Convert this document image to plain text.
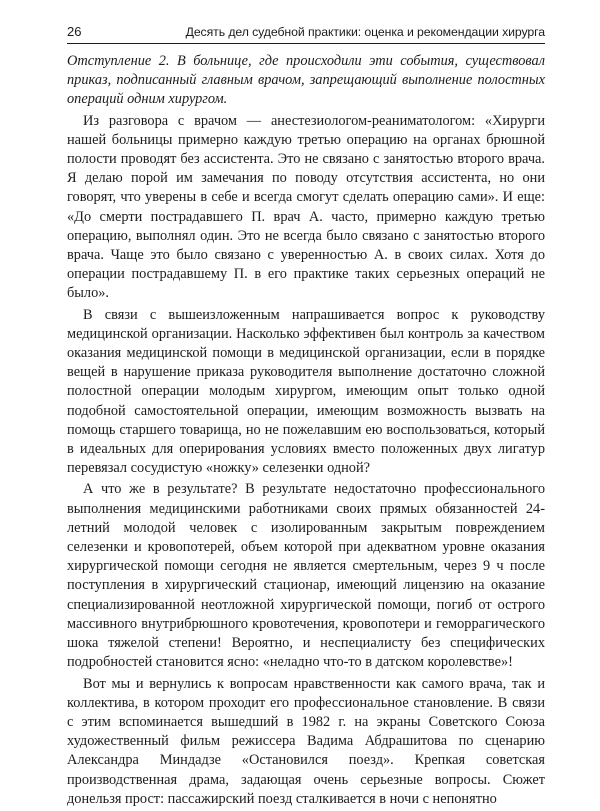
26	Десять дел судебной практики: оценка и рекомендации хирурга

Отступление 2. В больнице, где происходили эти события, существовал приказ, подписанный главным врачом, запрещающий выполнение полостных операций одним хирургом.

Из разговора с врачом — анестезиологом-реаниматологом: «Хирурги нашей больницы примерно каждую третью операцию на органах брюшной полости проводят без ассистента. Это не связано с занятостью второго врача. Я делаю порой им замечания по поводу отсутствия ассистента, но они говорят, что уверены в себе и всегда смогут сделать операцию сами». И еще: «До смерти пострадавшего П. врач А. часто, примерно каждую третью операцию, выполнял один. Это не всегда было связано с занятостью второго врача. Чаще это было связано с уверенностью А. в своих силах. Хотя до операции пострадавшему П. в его практике таких серьезных операций не было».

В связи с вышеизложенным напрашивается вопрос к руководству медицинской организации. Насколько эффективен был контроль за качеством оказания медицинской помощи в медицинской организации, если в порядке вещей в нарушение приказа руководителя выполнение достаточно сложной полостной операции молодым хирургом, имеющим опыт только одной подобной самостоятельной операции, имеющим возможность вызвать на помощь старшего товарища, но не пожелавшим ею воспользоваться, который в идеальных для оперирования условиях вместо положенных двух лигатур перевязал сосудистую «ножку» селезенки одной?

А что же в результате? В результате недостаточно профессионального выполнения медицинскими работниками своих прямых обязанностей 24-летний молодой человек с изолированным закрытым повреждением селезенки и кровопотерей, объем которой при адекватном уровне оказания хирургической помощи сегодня не является смертельным, через 9 ч после поступления в хирургический стационар, имеющий лицензию на оказание специализированной неотложной хирургической помощи, погиб от острого массивного внутрибрюшного кровотечения, кровопотери и геморрагического шока тяжелой степени! Вероятно, и неспециалисту без специфических подробностей становится ясно: «неладно что-то в датском королевстве»!

Вот мы и вернулись к вопросам нравственности как самого врача, так и коллектива, в котором проходит его профессиональное становление. В связи с этим вспоминается вышедший в 1982 г. на экраны Советского Союза художественный фильм режиссера Вадима Абдрашитова по сценарию Александра Миндадзе «Остановился поезд». Крепкая советская производственная драма, задающая очень серьезные вопросы. Сюжет донельзя прост: пассажирский поезд сталкивается в ночи с непонятно
